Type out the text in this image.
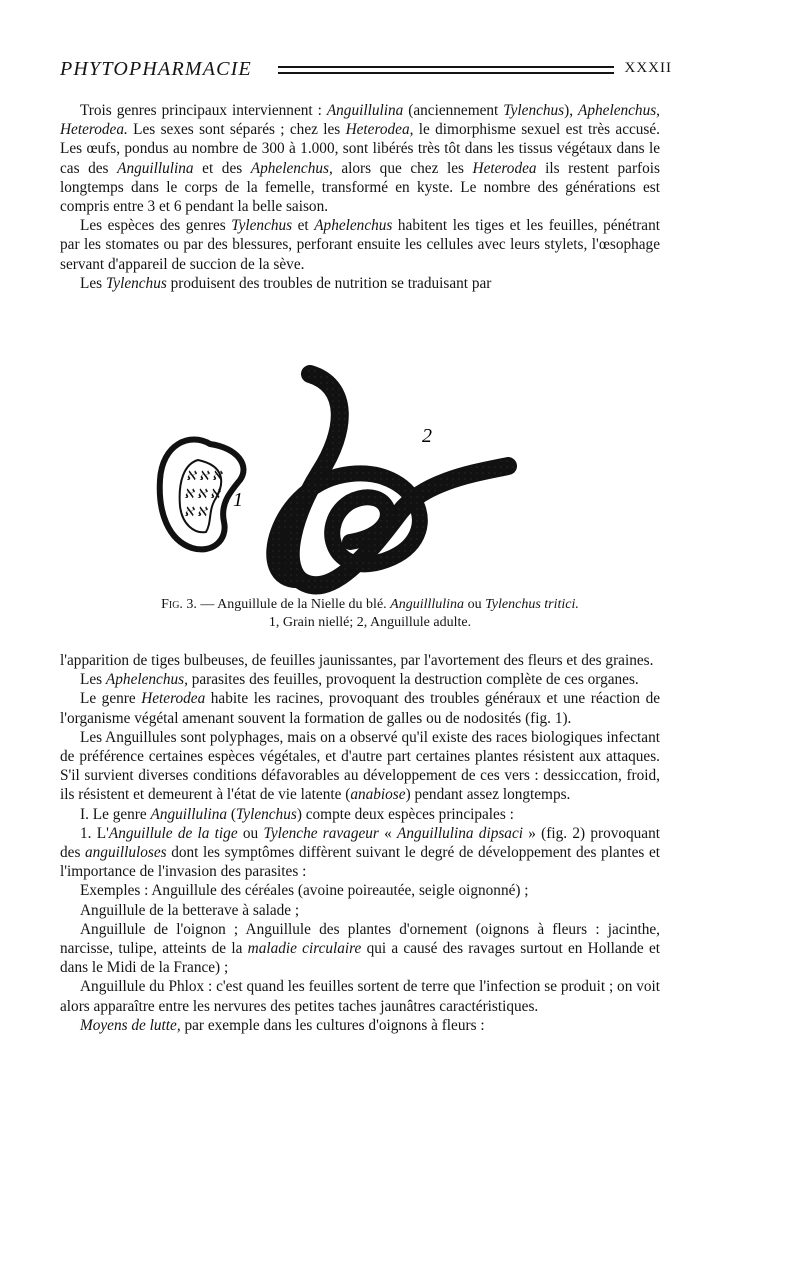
PHYTOPHARMACIE	XXXII

Trois genres principaux interviennent : Anguillulina (anciennement Tylenchus), Aphelenchus, Heterodea. Les sexes sont séparés ; chez les Heterodea, le dimorphisme sexuel est très accusé. Les œufs, pondus au nombre de 300 à 1.000, sont libérés très tôt dans les tissus végétaux dans le cas des Anguillulina et des Aphelenchus, alors que chez les Heterodea ils restent parfois longtemps dans le corps de la femelle, transformé en kyste. Le nombre des générations est compris entre 3 et 6 pendant la belle saison.

Les espèces des genres Tylenchus et Aphelenchus habitent les tiges et les feuilles, pénétrant par les stomates ou par des blessures, perforant ensuite les cellules avec leurs stylets, l'œsophage servant d'appareil de succion de la sève.

Les Tylenchus produisent des troubles de nutrition se traduisant par

ℵ ℵ ℵ
ℵ ℵ ℵ
ℵ ℵ
1
2
Fig. 3. — Anguillule de la Nielle du blé. Anguilllulina ou Tylenchus tritici.
1, Grain niellé; 2, Anguillule adulte.

l'apparition de tiges bulbeuses, de feuilles jaunissantes, par l'avortement des fleurs et des graines.

Les Aphelenchus, parasites des feuilles, provoquent la destruction complète de ces organes.

Le genre Heterodea habite les racines, provoquant des troubles généraux et une réaction de l'organisme végétal amenant souvent la formation de galles ou de nodosités (fig. 1).

Les Anguillules sont polyphages, mais on a observé qu'il existe des races biologiques infectant de préférence certaines espèces végétales, et d'autre part certaines plantes résistent aux attaques. S'il survient diverses conditions défavorables au développement de ces vers : dessiccation, froid, ils résistent et demeurent à l'état de vie latente (anabiose) pendant assez longtemps.

I. Le genre Anguillulina (Tylenchus) compte deux espèces principales :

1. L'Anguillule de la tige ou Tylenche ravageur « Anguillulina dipsaci » (fig. 2) provoquant des anguilluloses dont les symptômes diffèrent suivant le degré de développement des plantes et l'importance de l'invasion des parasites :

Exemples : Anguillule des céréales (avoine poireautée, seigle oignonné) ;

Anguillule de la betterave à salade ;

Anguillule de l'oignon ; Anguillule des plantes d'ornement (oignons à fleurs : jacinthe, narcisse, tulipe, atteints de la maladie circulaire qui a causé des ravages surtout en Hollande et dans le Midi de la France) ;

Anguillule du Phlox : c'est quand les feuilles sortent de terre que l'infection se produit ; on voit alors apparaître entre les nervures des petites taches jaunâtres caractéristiques.

Moyens de lutte, par exemple dans les cultures d'oignons à fleurs :
